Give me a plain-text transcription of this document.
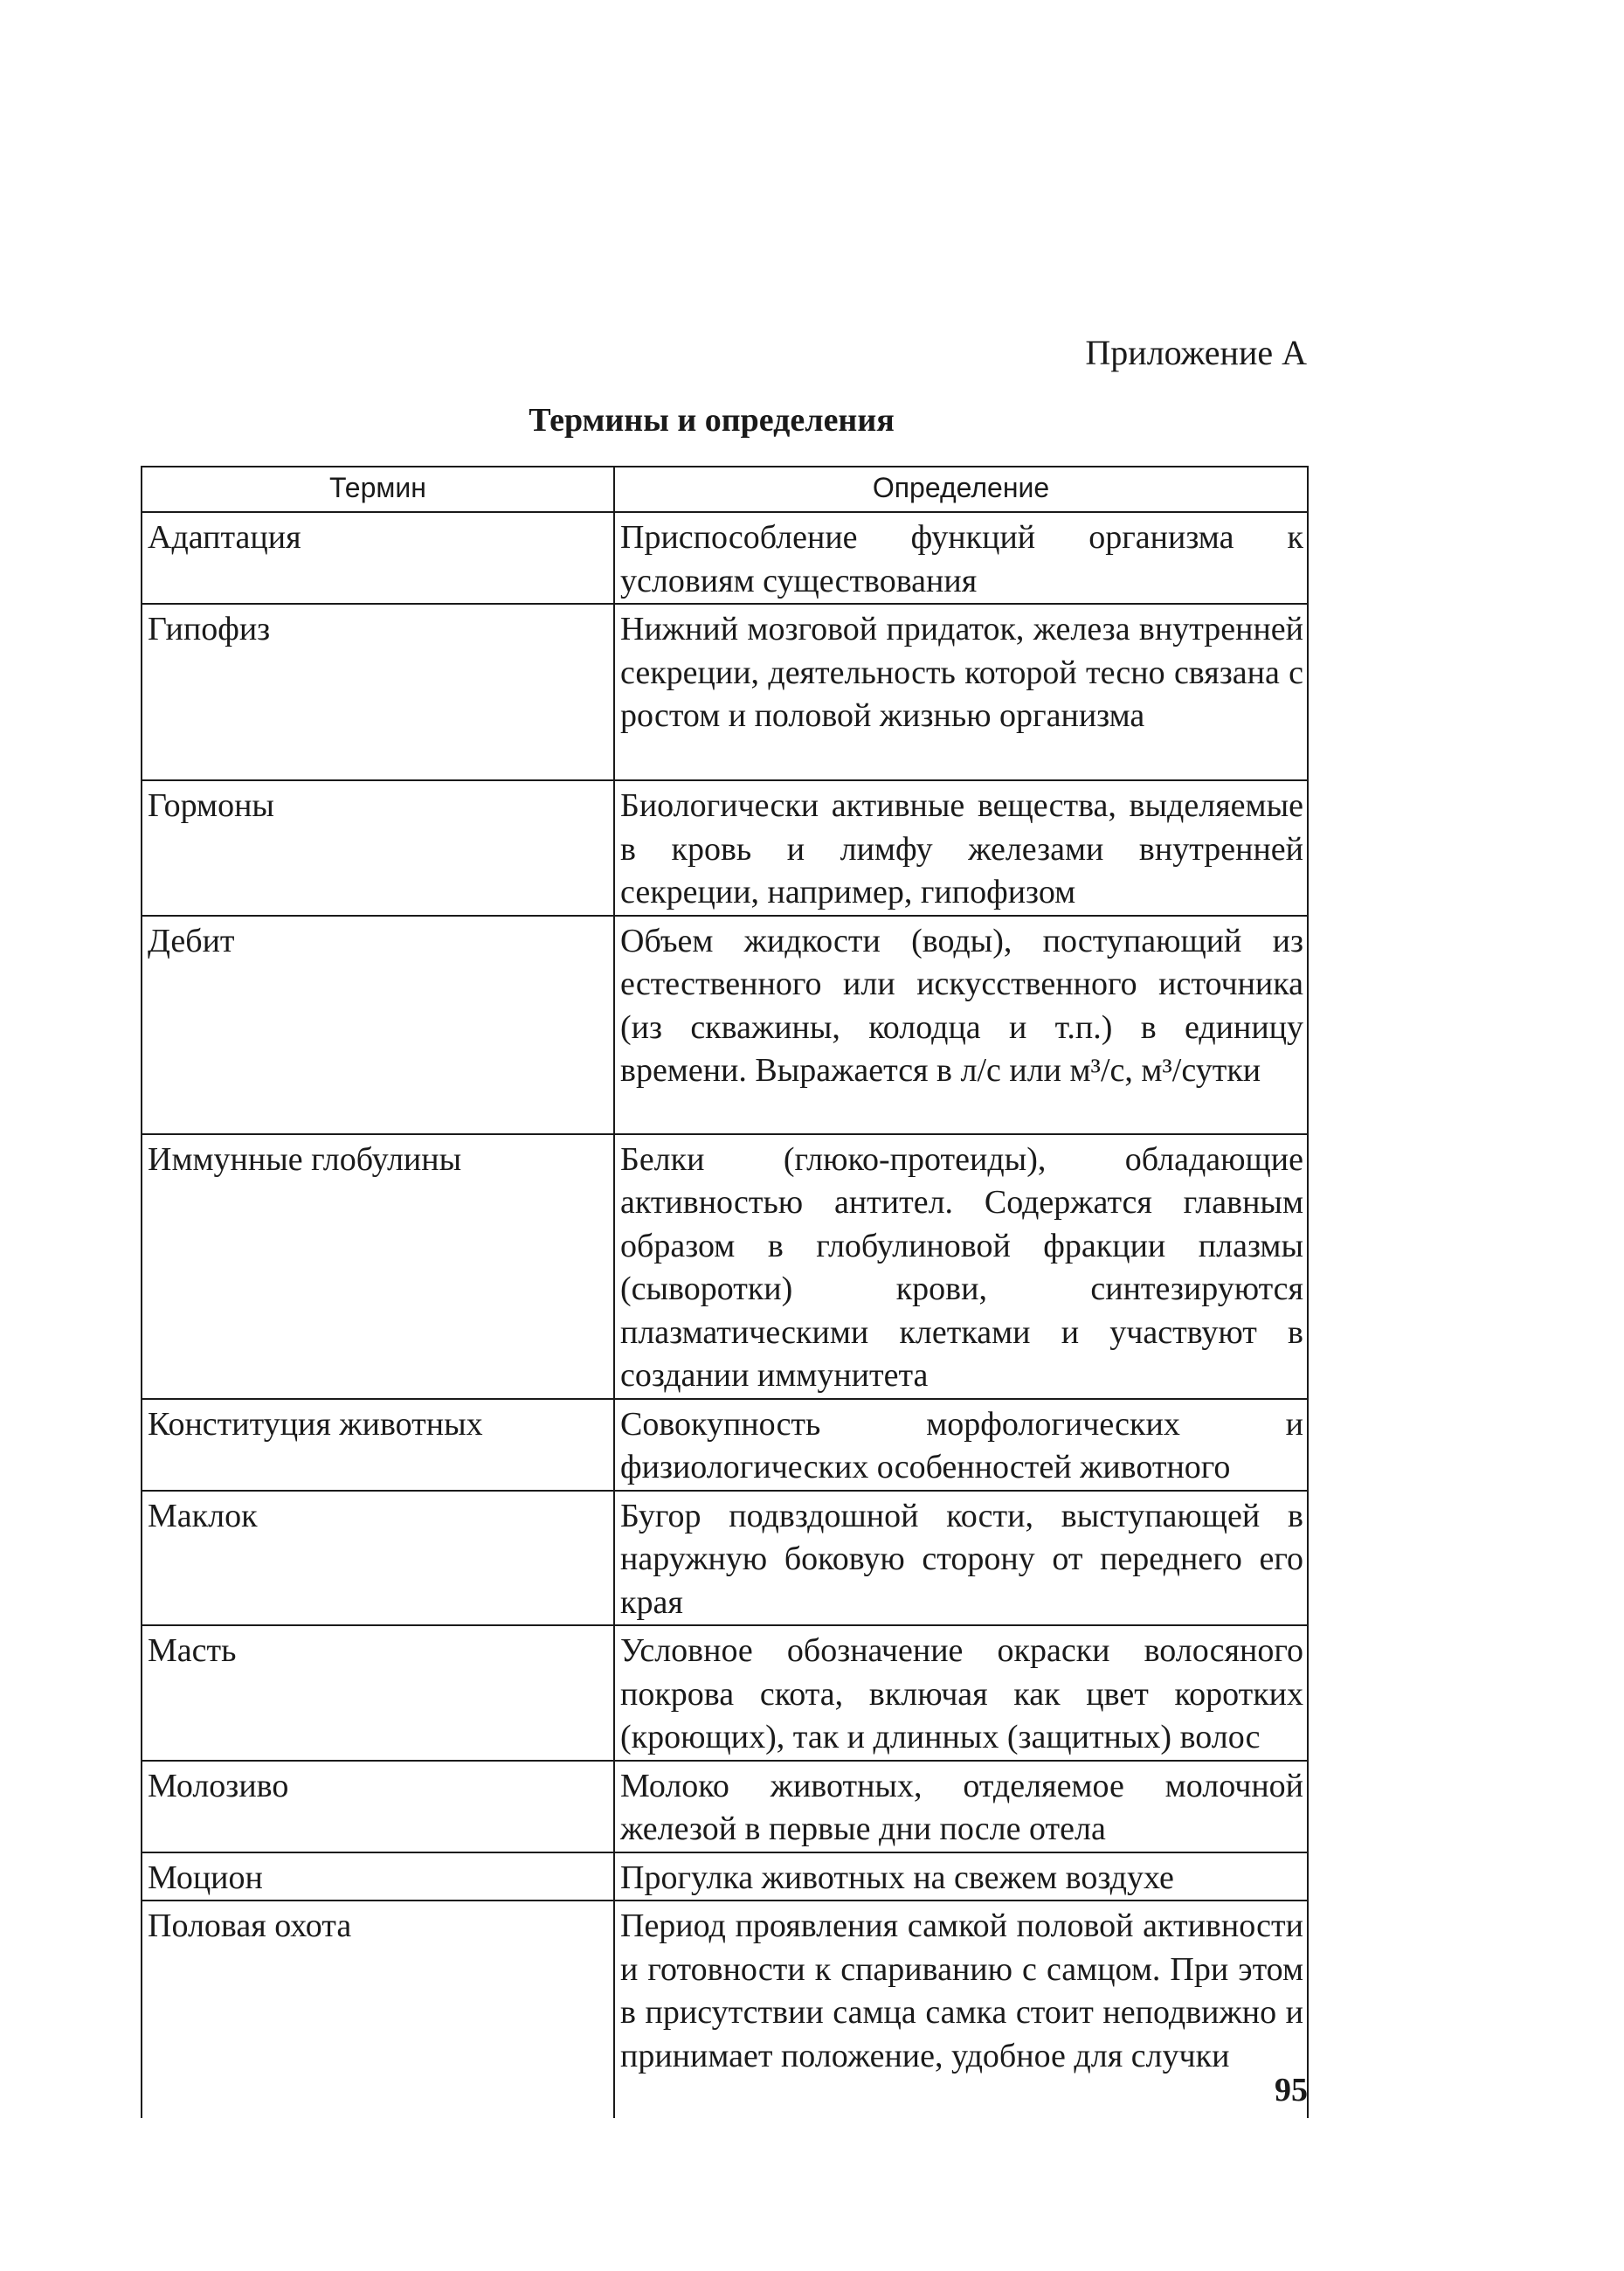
Приложение А
Термины и определения
Термин	Определение
Адаптация	Приспособление функций организма к условиям существования
Гипофиз	Нижний мозговой придаток, железа внутренней секреции, деятельность которой тесно связана с ростом и половой жизнью организма
Гормоны	Биологически активные вещества, выделяемые в кровь и лимфу железами внутренней секреции, например, гипофизом
Дебит	Объем жидкости (воды), поступающий из естественного или искусственного источника (из скважины, колодца и т.п.) в единицу времени. Выражается в л/с или м³/с, м³/сутки
Иммунные глобулины	Белки (глюко-протеиды), обладающие активностью антител. Содержатся главным образом в глобулиновой фракции плазмы (сыворотки) крови, синтезируются плазматическими клетками и участвуют в создании иммунитета
Конституция животных	Совокупность морфологических и физиологических особенностей животного
Маклок	Бугор подвздошной кости, выступающей в наружную боковую сторону от переднего его края
Масть	Условное обозначение окраски волосяного покрова скота, включая как цвет коротких (кроющих), так и длинных (защитных) волос
Молозиво	Молоко животных, отделяемое молочной железой в первые дни после отела
Моцион	Прогулка животных на свежем воздухе
Половая охота	Период проявления самкой половой активности и готовности к спариванию с самцом. При этом в присутствии самца самка стоит неподвижно и принимает положение, удобное для случки
95
